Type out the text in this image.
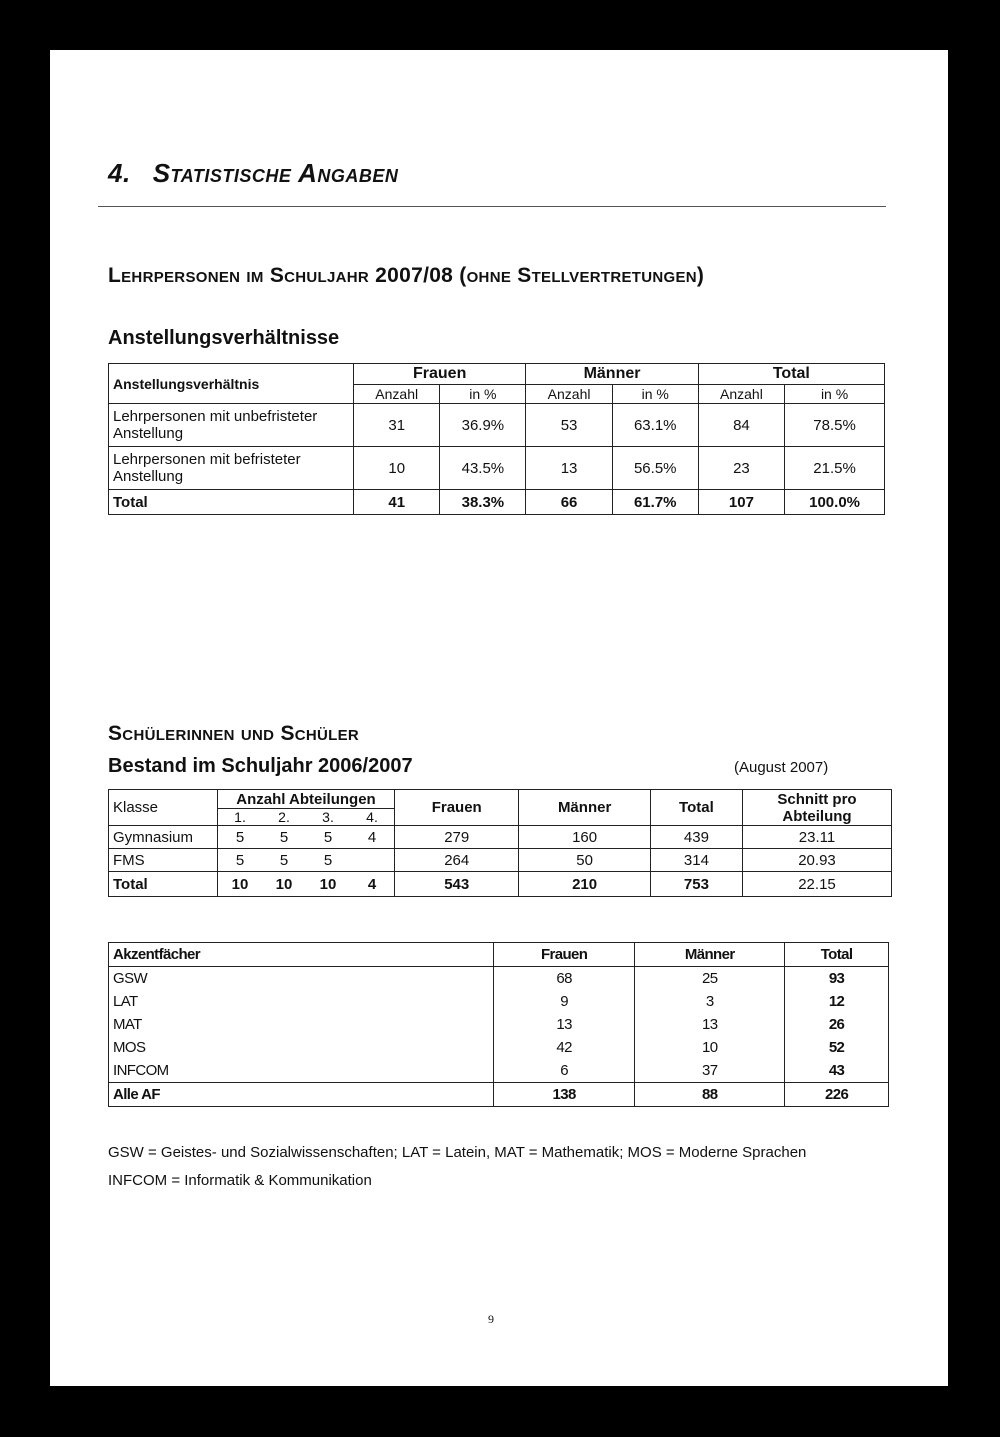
4. Statistische Angaben
Lehrpersonen im Schuljahr 2007/08 (ohne Stellvertretungen)
Anstellungsverhältnisse
Anstellungsverhältnis	Frauen		Männer		Total	
	Anzahl	in %	Anzahl	in %	Anzahl	in %
Lehrpersonen mit unbefristeter Anstellung	31	36.9%	53	63.1%	84	78.5%
Lehrpersonen mit befristeter Anstellung	10	43.5%	13	56.5%	23	21.5%
Total	41	38.3%	66	61.7%	107	100.0%
Schülerinnen und Schüler
Bestand im Schuljahr 2006/2007	(August 2007)
Klasse	Anzahl Abteilungen				Frauen	Männer	Total	Schnitt pro Abteilung
	1.	2.	3.	4.				
Gymnasium	5	5	5	4	279	160	439	23.11
FMS	5	5	5		264	50	314	20.93
Total	10	10	10	4	543	210	753	22.15
Akzentfächer	Frauen	Männer	Total
GSW	68	25	93
LAT	9	3	12
MAT	13	13	26
MOS	42	10	52
INFCOM	6	37	43
Alle AF	138	88	226
GSW = Geistes- und Sozialwissenschaften; LAT = Latein, MAT = Mathematik; MOS = Moderne Sprachen
INFCOM = Informatik & Kommunikation
9
